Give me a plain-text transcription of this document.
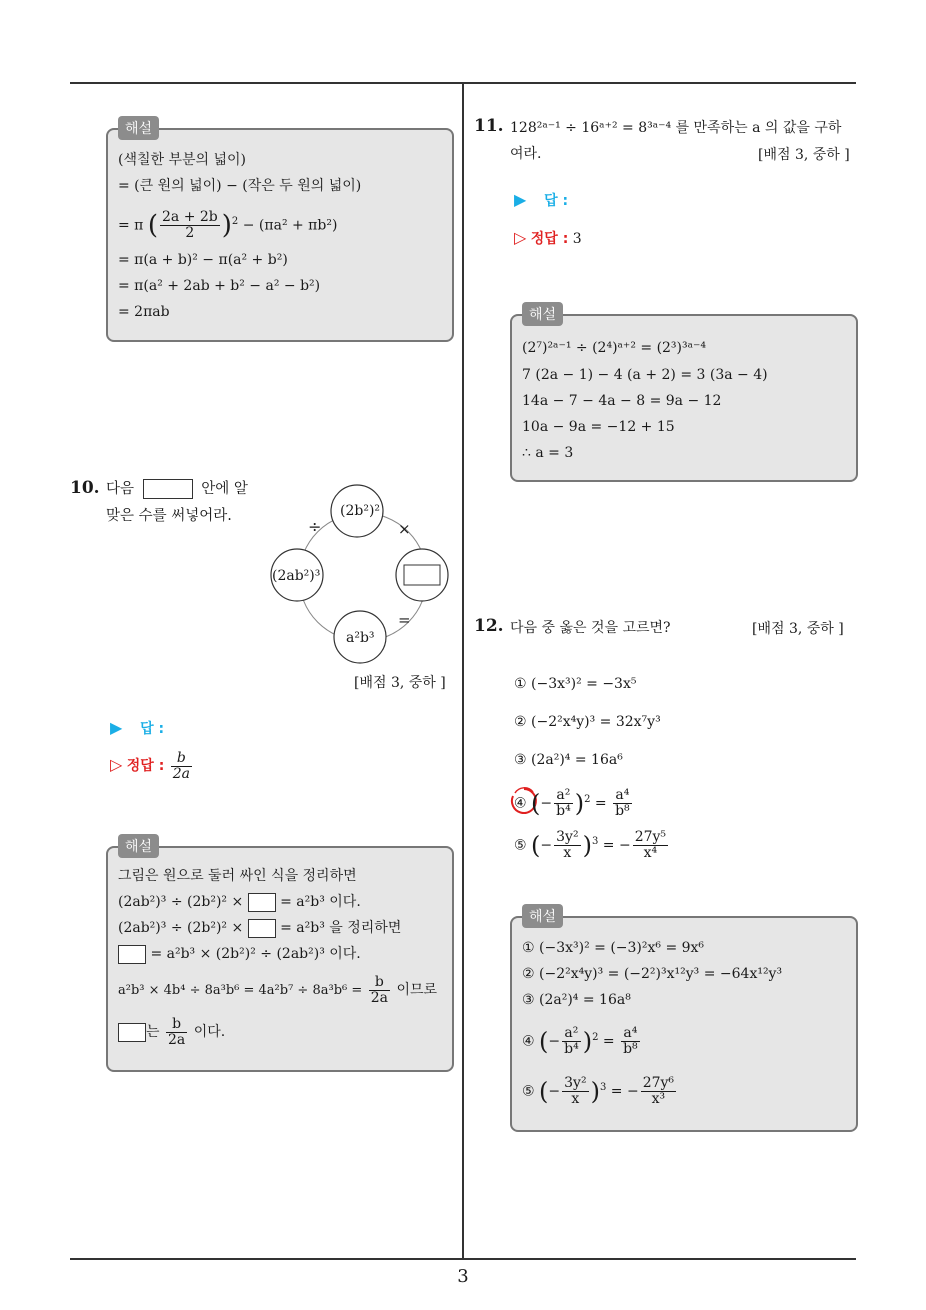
3
해설
(색칠한 부분의 넓이)
= (큰 원의 넓이) − (작은 두 원의 넓이)
= π ( $\frac{2a + 2b}{2} )^2 - (\pi a^2 + \pi b^2)$
= π(a + b)² − π(a² + b²)
= π(a² + 2ab + b² − a² − b²)
= 2πab
10. 다음	안에 알
맞은 수를 써넣어라.	(2b²)²
(2ab²)³
a²b³
÷	×
=
[배점 3, 중하 ]
▶ 답 :
▷ 정답 : $\frac{b}{2a}$
해설
그림은 원으로 둘러 싸인 식을 정리하면
(2ab²)³ ÷ (2b²)² ×	= a²b³ 이다.
(2ab²)³ ÷ (2b²)² ×	= a²b³ 을 정리하면
= a²b³ × (2b²)² ÷ (2ab²)³ 이다.
$a^2b^3 \times 4b^4 \div 8a^3b^6 = 4a^2b^7 \div 8a^3b^6 = \frac{b}{2a}$ 이므로
는 $\frac{b}{2a}$ 이다.
11. 128²ᵃ⁻¹ ÷ 16ᵃ⁺² = 8³ᵃ⁻⁴ 를 만족하는 a 의 값을 구하
여라.	[배점 3, 중하 ]
▶ 답 :
▷ 정답 : 3
해설
(2⁷)²ᵃ⁻¹ ÷ (2⁴)ᵃ⁺² = (2³)³ᵃ⁻⁴
7 (2a − 1) − 4 (a + 2) = 3 (3a − 4)
14a − 7 − 4a − 8 = 9a − 12
10a − 9a = −12 + 15
∴ a = 3
12. 다음 중 옳은 것을 고르면?	[배점 3, 중하 ]
① (−3x³)² = −3x⁵
② (−2²x⁴y)³ = 32x⁷y³
③ (2a²)⁴ = 16a⁶
④ (− $\frac{\text{a²}}{\text{b⁴}} )^2 = \frac{\text{a⁴}}{\text{b⁸}}$
⑤ (− $\frac{\text{3y²}}{x} )^3$ = − $\frac{\text{27y⁵}}{\text{x⁴}}$
해설
① (−3x³)² = (−3)²x⁶ = 9x⁶
② (−2²x⁴y)³ = (−2²)³x¹²y³ = −64x¹²y³
③ (2a²)⁴ = 16a⁸
④ (− $\frac{\text{a²}}{\text{b⁴}} )^2 = \frac{\text{a⁴}}{\text{b⁸}}$
⑤ (− $\frac{\text{3y²}}{x} )^3$ = − $\frac{\text{27y⁶}}{\text{x³}}$
